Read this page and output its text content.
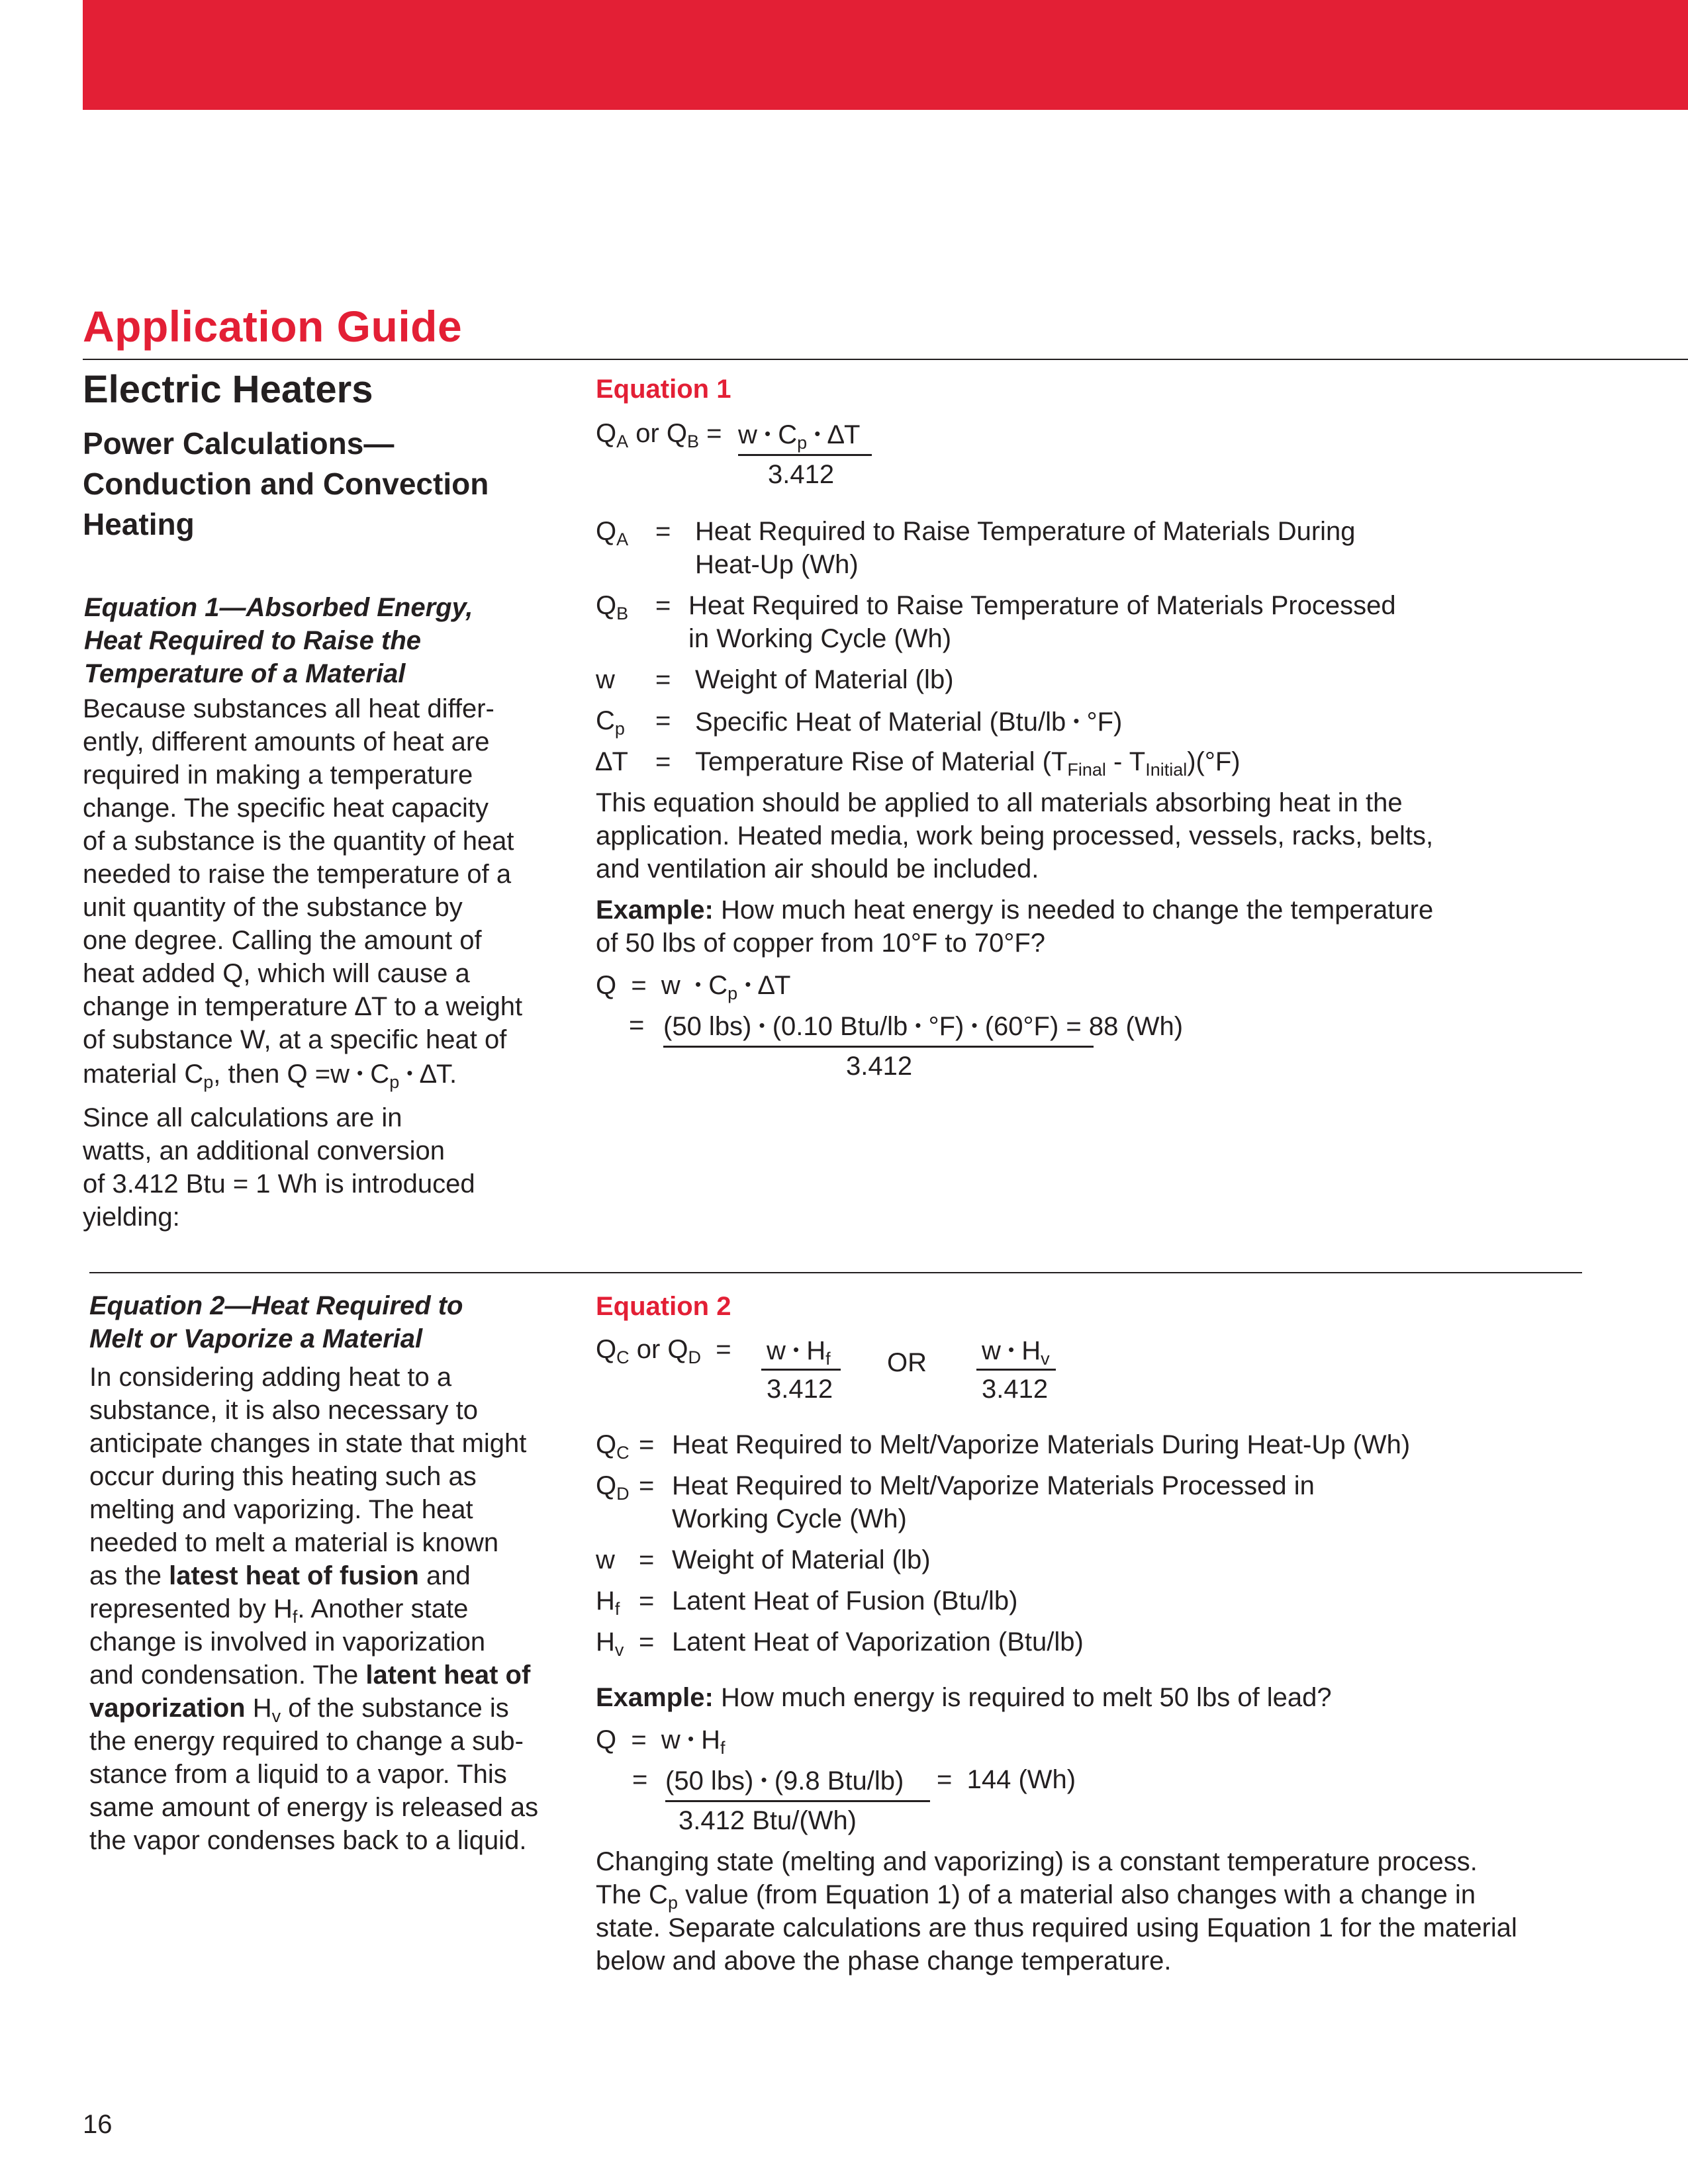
Application Guide
Electric Heaters
Power Calculations—
Conduction and Convection
Heating
Equation 1—Absorbed Energy,
Heat Required to Raise the
Temperature of a Material
Because substances all heat differ-
ently, different amounts of heat are
required in making a temperature
change. The specific heat capacity
of a substance is the quantity of heat
needed to raise the temperature of a
unit quantity of the substance by
one degree. Calling the amount of
heat added Q, which will cause a
change in temperature ∆T to a weight
of substance W, at a specific heat of
material $C_p$, then Q =w • $C_p$ • ∆T.
Since all calculations are in
watts, an additional conversion
of 3.412 Btu = 1 Wh is introduced
yielding:
Equation 1
$Q_A$ or $Q_B = w$ • $C_p$ • ∆T
3.412
$Q_A$ = Heat Required to Raise Temperature of Materials During
Heat-Up (Wh)
$Q_B$ = Heat Required to Raise Temperature of Materials Processed
in Working Cycle (Wh)
w = Weight of Material (lb)
$C_p$ = Specific Heat of Material (Btu/lb • °F)
∆T = Temperature Rise of Material $(T_{Final} - T_{Initial})(^\circ F)$
This equation should be applied to all materials absorbing heat in the
application. Heated media, work being processed, vessels, racks, belts,
and ventilation air should be included.
Example: How much heat energy is needed to change the temperature
of 50 lbs of copper from 10°F to 70°F?
Q  =  w  • $C_p$ • ∆T
= (50 lbs) • (0.10 Btu/lb • °F) • (60°F) = 88 (Wh)
3.412
Equation 2—Heat Required to
Melt or Vaporize a Material
In considering adding heat to a
substance, it is also necessary to
anticipate changes in state that might
occur during this heating such as
melting and vaporizing. The heat
needed to melt a material is known
as the latest heat of fusion and
represented by $H_f$. Another state
change is involved in vaporization
and condensation. The latent heat of
vaporization $H_v$ of the substance is
the energy required to change a sub-
stance from a liquid to a vapor. This
same amount of energy is released as
the vapor condenses back to a liquid.
Equation 2
$Q_C$ or $Q_D = w$ • $H_f$
3.412
OR w • $H_v$
3.412
$Q_C$ = Heat Required to Melt/Vaporize Materials During Heat-Up (Wh)
$Q_D$ = Heat Required to Melt/Vaporize Materials Processed in
Working Cycle (Wh)
w = Weight of Material (lb)
$H_f$ = Latent Heat of Fusion (Btu/lb)
$H_v$ = Latent Heat of Vaporization (Btu/lb)
Example: How much energy is required to melt 50 lbs of lead?
Q  =  w • $H_f$
= (50 lbs) • (9.8 Btu/lb) =  144 (Wh)
3.412 Btu/(Wh)
Changing state (melting and vaporizing) is a constant temperature process.
The $C_p$ value (from Equation 1) of a material also changes with a change in
state. Separate calculations are thus required using Equation 1 for the material
below and above the phase change temperature.
16
